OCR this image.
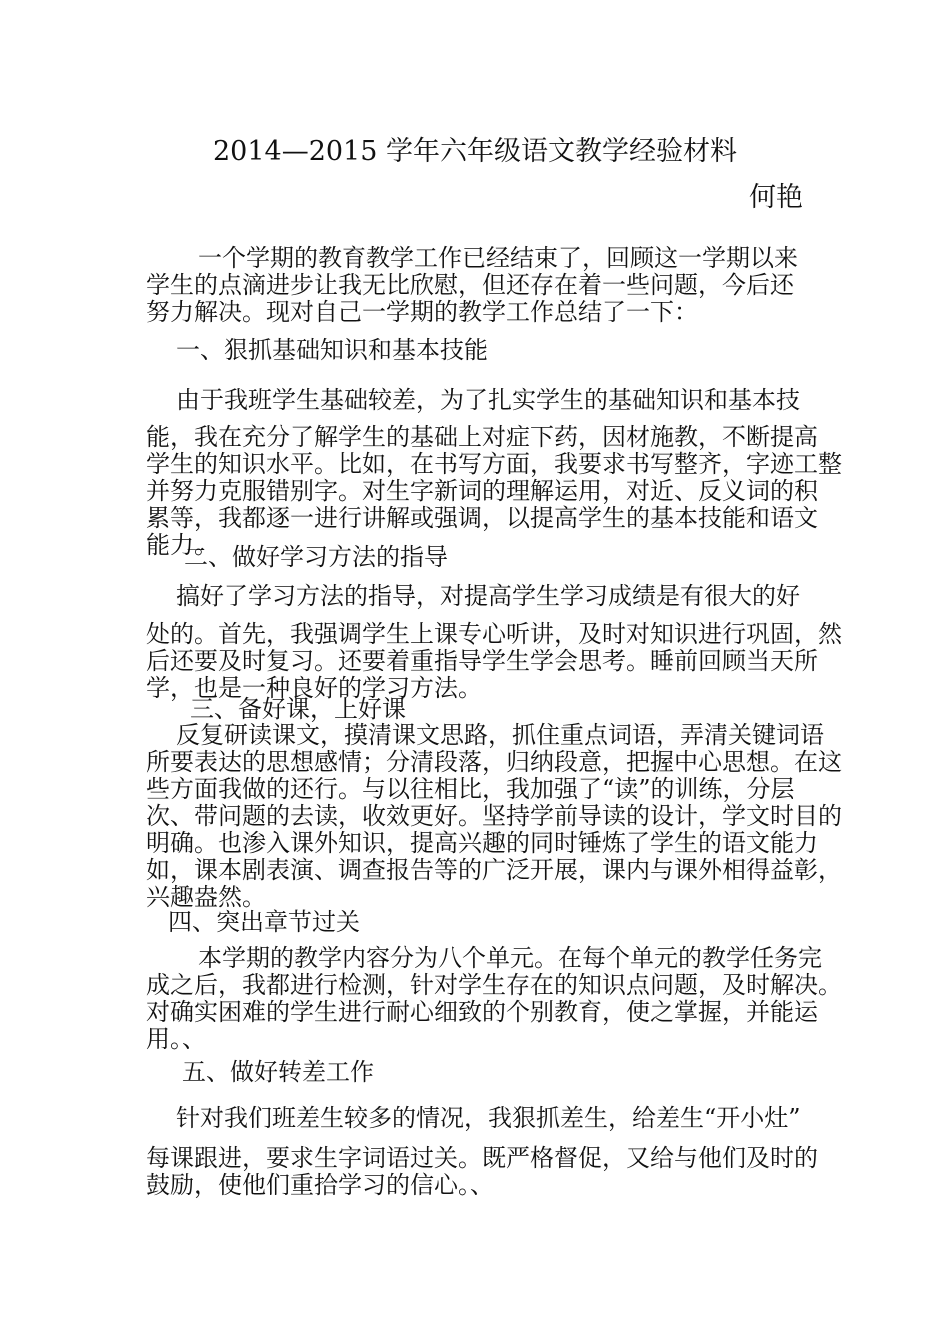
2014—2015 学年六年级语文教学经验材料
何艳
一个学期的教育教学工作已经结束了，回顾这一学期以来
学生的点滴进步让我无比欣慰，但还存在着一些问题，今后还
努力解决。现对自己一学期的教学工作总结了一下：
一、狠抓基础知识和基本技能
由于我班学生基础较差，为了扎实学生的基础知识和基本技
能，我在充分了解学生的基础上对症下药，因材施教，不断提高
学生的知识水平。比如，在书写方面，我要求书写整齐，字迹工整
并努力克服错别字。对生字新词的理解运用，对近、反义词的积
累等，我都逐一进行讲解或强调，以提高学生的基本技能和语文
能力。
二、做好学习方法的指导
搞好了学习方法的指导，对提高学生学习成绩是有很大的好
处的。首先，我强调学生上课专心听讲，及时对知识进行巩固，然
后还要及时复习。还要着重指导学生学会思考。睡前回顾当天所
学，也是一种良好的学习方法。
三、备好课，上好课
反复研读课文，摸清课文思路，抓住重点词语，弄清关键词语
所要表达的思想感情；分清段落，归纳段意，把握中心思想。在这
些方面我做的还行。与以往相比，我加强了“读”的训练，分层
次、带问题的去读，收效更好。坚持学前导读的设计，学文时目的
明确。也渗入课外知识，提高兴趣的同时锤炼了学生的语文能力
如，课本剧表演、调查报告等的广泛开展，课内与课外相得益彰，
兴趣盎然。
四、突出章节过关
本学期的教学内容分为八个单元。在每个单元的教学任务完
成之后，我都进行检测，针对学生存在的知识点问题，及时解决。
对确实困难的学生进行耐心细致的个别教育，使之掌握，并能运
用。、
五、做好转差工作
针对我们班差生较多的情况，我狠抓差生，给差生“开小灶”
每课跟进，要求生字词语过关。既严格督促，又给与他们及时的
鼓励，使他们重拾学习的信心。、
